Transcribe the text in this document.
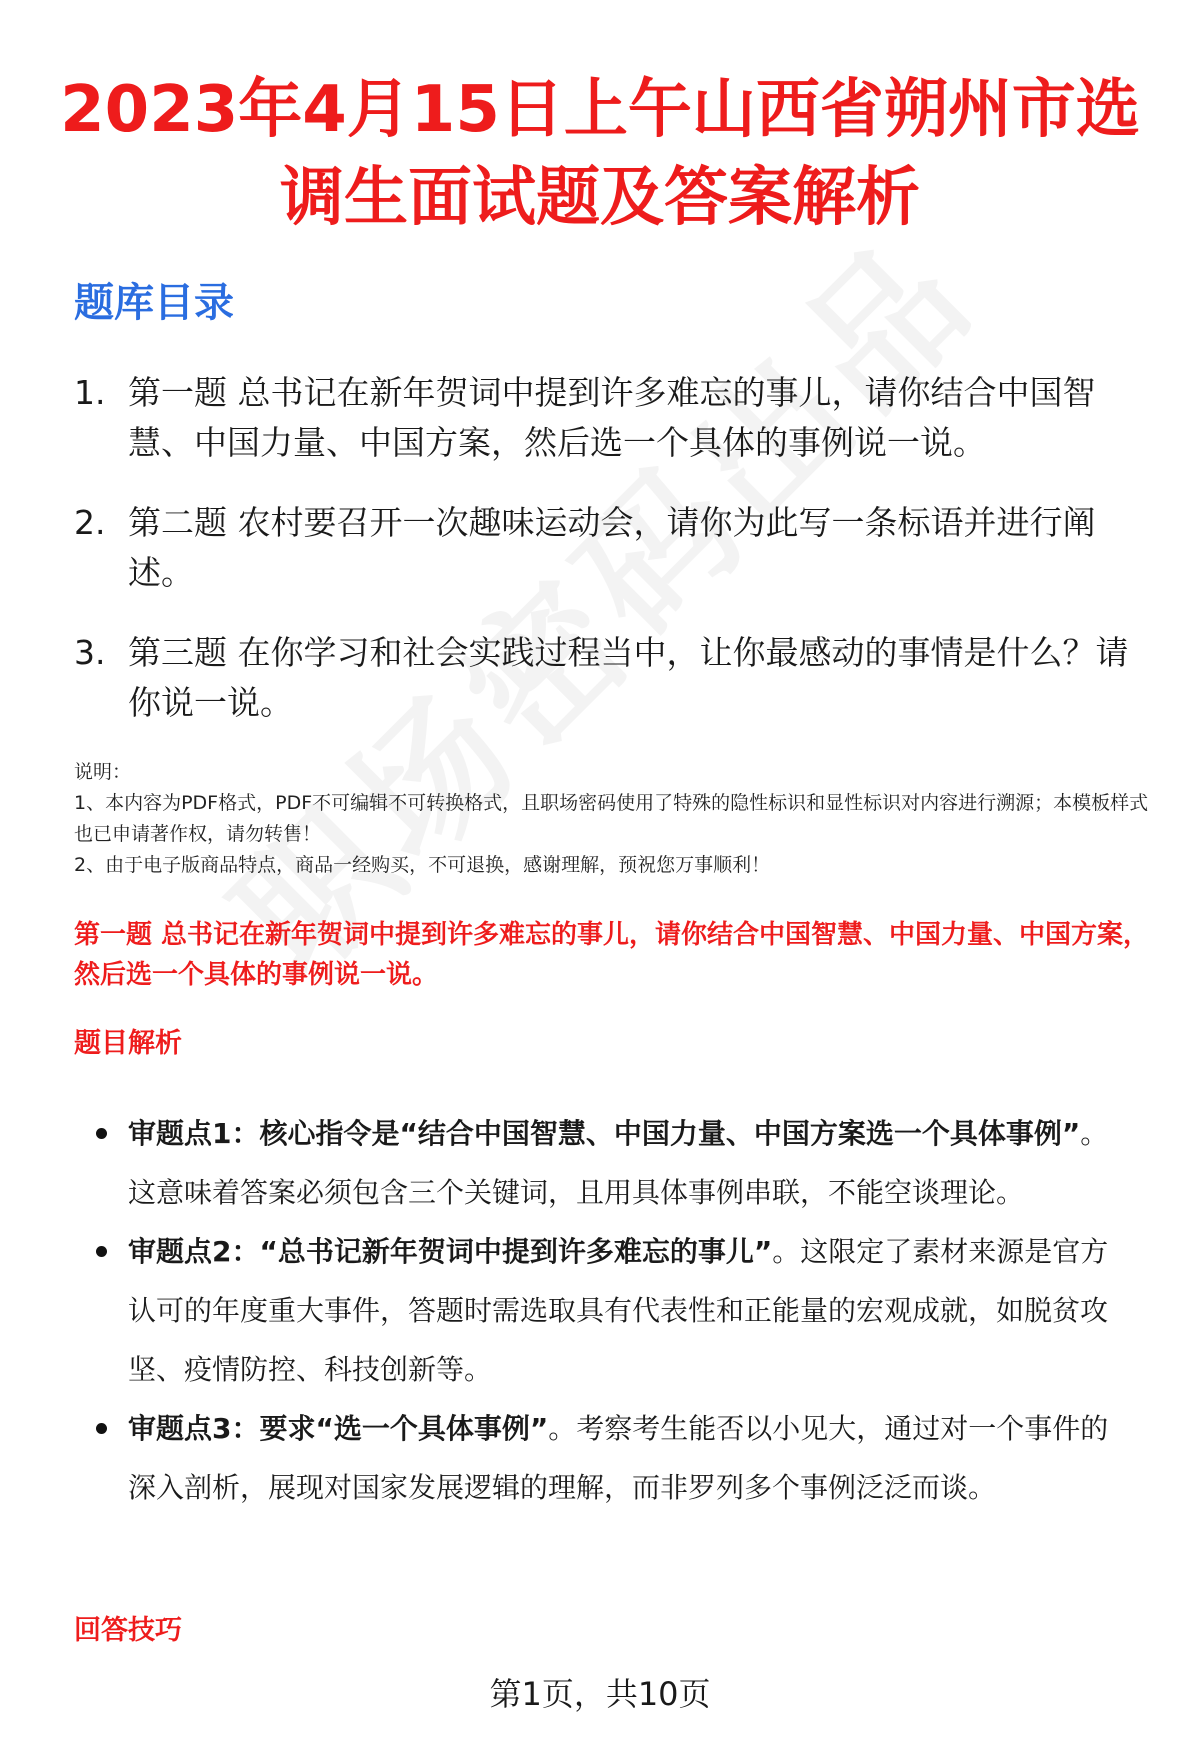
2023年4月15日上午山西省朔州市选调生面试题及答案解析
题库目录
1. 第一题 总书记在新年贺词中提到许多难忘的事儿，请你结合中国智慧、中国力量、中国方案，然后选一个具体的事例说一说。
2. 第二题 农村要召开一次趣味运动会，请你为此写一条标语并进行阐述。
3. 第三题 在你学习和社会实践过程当中，让你最感动的事情是什么？请你说一说。
说明：
1、本内容为PDF格式，PDF不可编辑不可转换格式，且职场密码使用了特殊的隐性标识和显性标识对内容进行溯源；本模板样式也已申请著作权，请勿转售！
2、由于电子版商品特点，商品一经购买，不可退换，感谢理解，预祝您万事顺利！
第一题 总书记在新年贺词中提到许多难忘的事儿，请你结合中国智慧、中国力量、中国方案，然后选一个具体的事例说一说。
题目解析
审题点1：核心指令是“结合中国智慧、中国力量、中国方案选一个具体事例”。这意味着答案必须包含三个关键词，且用具体事例串联，不能空谈理论。
审题点2：“总书记新年贺词中提到许多难忘的事儿”。这限定了素材来源是官方认可的年度重大事件，答题时需选取具有代表性和正能量的宏观成就，如脱贫攻坚、疫情防控、科技创新等。
审题点3：要求“选一个具体事例”。考察考生能否以小见大，通过对一个事件的深入剖析，展现对国家发展逻辑的理解，而非罗列多个事例泛泛而谈。
回答技巧
第1页，共10页
